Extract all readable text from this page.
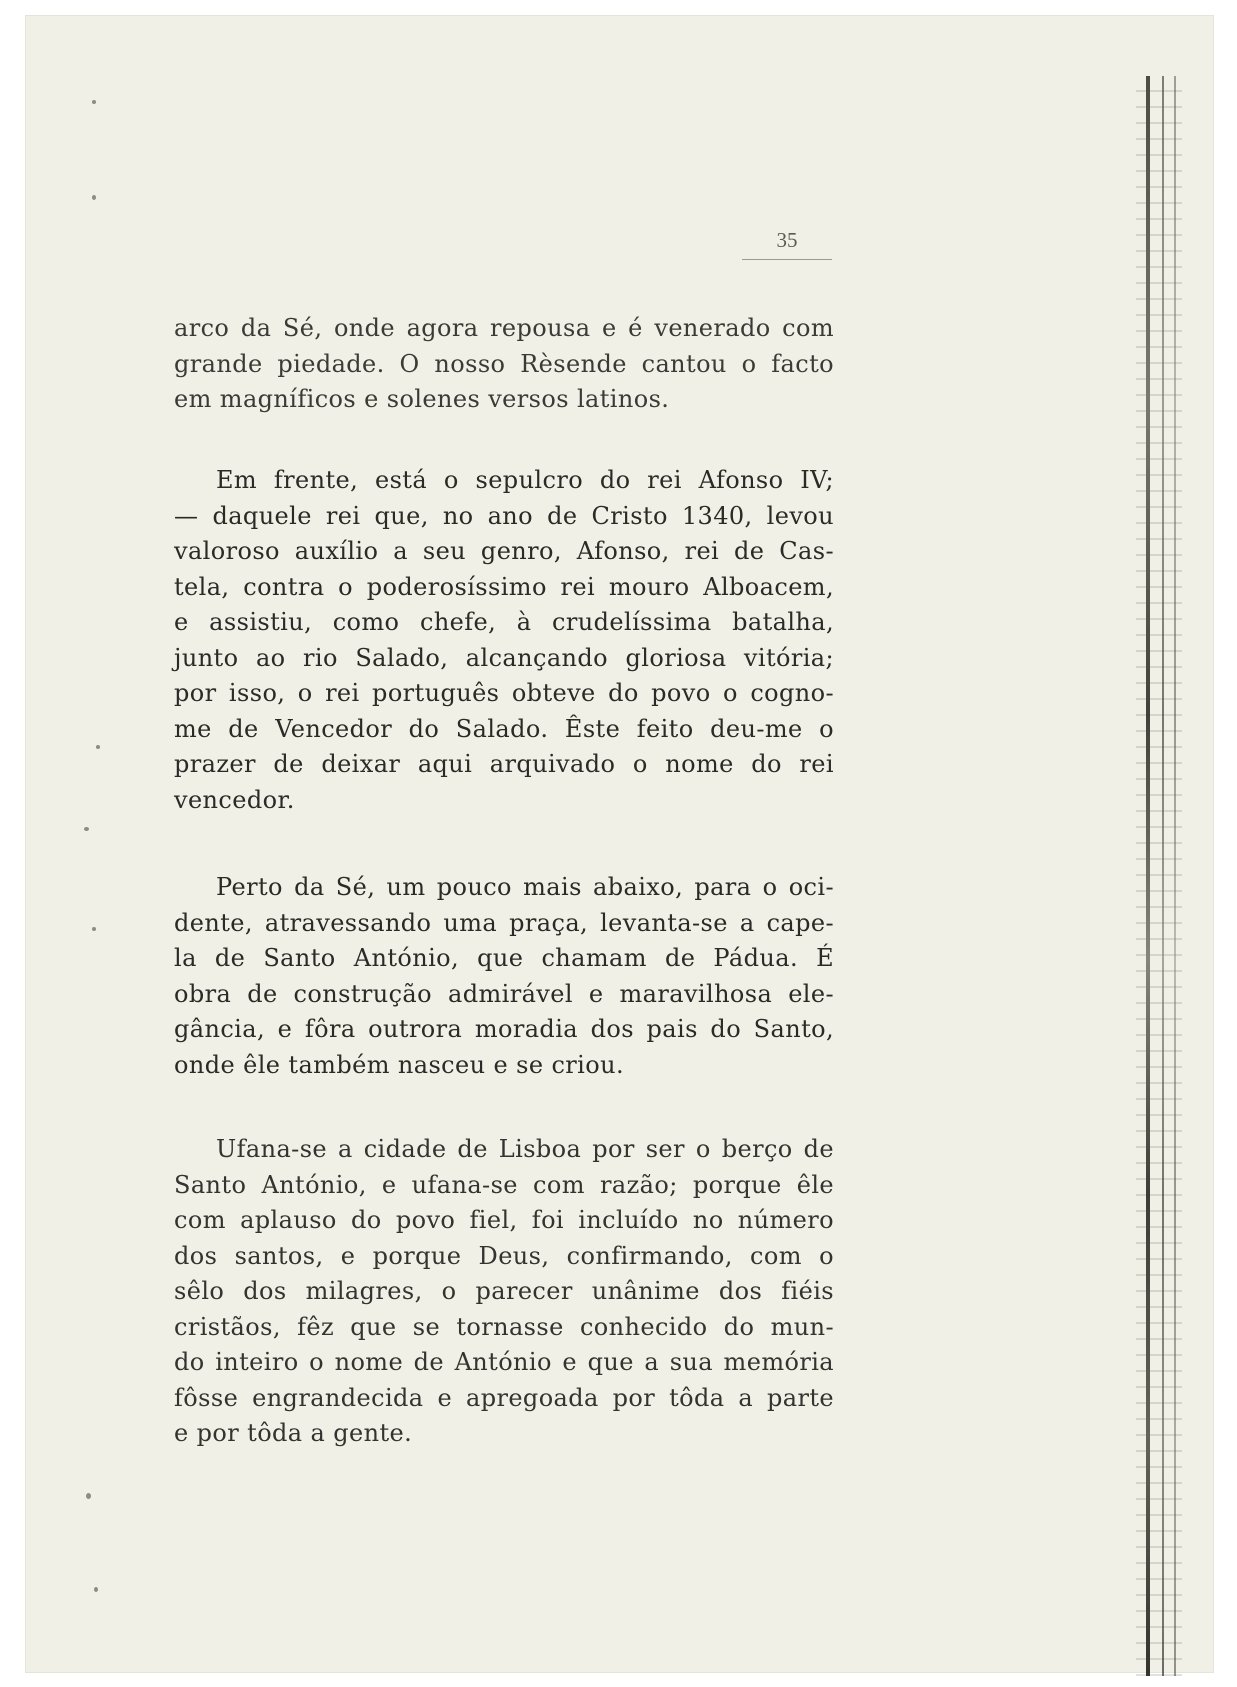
35
arco da Sé, onde agora repousa e é venerado com
grande piedade. O nosso Rèsende cantou o facto
em magníficos e solenes versos latinos.
Em frente, está o sepulcro do rei Afonso IV;
— daquele rei que, no ano de Cristo 1340, levou
valoroso auxílio a seu genro, Afonso, rei de Cas-
tela, contra o poderosíssimo rei mouro Alboacem,
e assistiu, como chefe, à crudelíssima batalha,
junto ao rio Salado, alcançando gloriosa vitória;
por isso, o rei português obteve do povo o cogno-
me de Vencedor do Salado. Êste feito deu-me o
prazer de deixar aqui arquivado o nome do rei
vencedor.
Perto da Sé, um pouco mais abaixo, para o oci-
dente, atravessando uma praça, levanta-se a cape-
la de Santo António, que chamam de Pádua. É
obra de construção admirável e maravilhosa ele-
gância, e fôra outrora moradia dos pais do Santo,
onde êle também nasceu e se criou.
Ufana-se a cidade de Lisboa por ser o berço de
Santo António, e ufana-se com razão; porque êle
com aplauso do povo fiel, foi incluído no número
dos santos, e porque Deus, confirmando, com o
sêlo dos milagres, o parecer unânime dos fiéis
cristãos, fêz que se tornasse conhecido do mun-
do inteiro o nome de António e que a sua memória
fôsse engrandecida e apregoada por tôda a parte
e por tôda a gente.
